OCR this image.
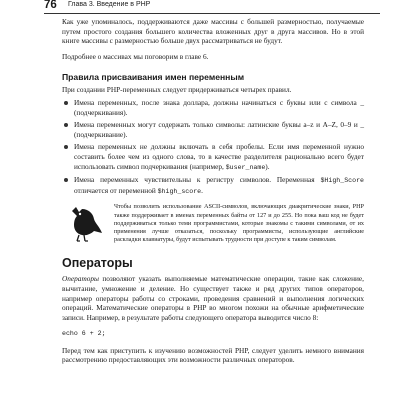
76 Глава 3. Введение в PHP

Как уже упоминалось, поддерживаются даже массивы с большей размерностью, получаемые путем простого создания большего количества вложенных друг в друга массивов. Но в этой книге массивы с размерностью больше двух рассматриваться не будут.

Подробнее о массивах мы поговорим в главе 6.

Правила присваивания имен переменным

При создании PHP-переменных следует придерживаться четырех правил.

Имена переменных, после знака доллара, должны начинаться с буквы или с символа _ (подчеркивания).
Имена переменных могут содержать только символы: латинские буквы a–z и A–Z, 0–9 и _ (подчеркивание).
Имена переменных не должны включать в себя пробелы. Если имя переменной нужно составить более чем из одного слова, то в качестве разделителя рационально всего будет использовать символ подчеркивания (например, $user_name).
Имена переменных чувствительны к регистру символов. Переменная $High_Score отличается от переменной $high_score.
Чтобы позволить использование ASCII-символов, включающих диакритические знаки, PHP также поддерживает в именах переменных байты от 127 и до 255. Но пока ваш код не будет поддерживаться только теми программистами, которые знакомы с такими символами, от их применения лучше отказаться, поскольку программисты, использующие английские раскладки клавиатуры, будут испытывать трудности при доступе к таким символам.
Операторы

Операторы позволяют указать выполняемые математические операции, такие как сложение, вычитание, умножение и деление. Но существует также и ряд других типов операторов, например операторы работы со строками, проведения сравнений и выполнения логических операций. Математические операторы в PHP во многом похожи на обычные арифметические записи. Например, в результате работы следующего оператора выводится число 8:

echo 6 + 2;

Перед тем как приступить к изучению возможностей PHP, следует уделить немного внимания рассмотрению предоставляющих эти возможности различных операторов.
